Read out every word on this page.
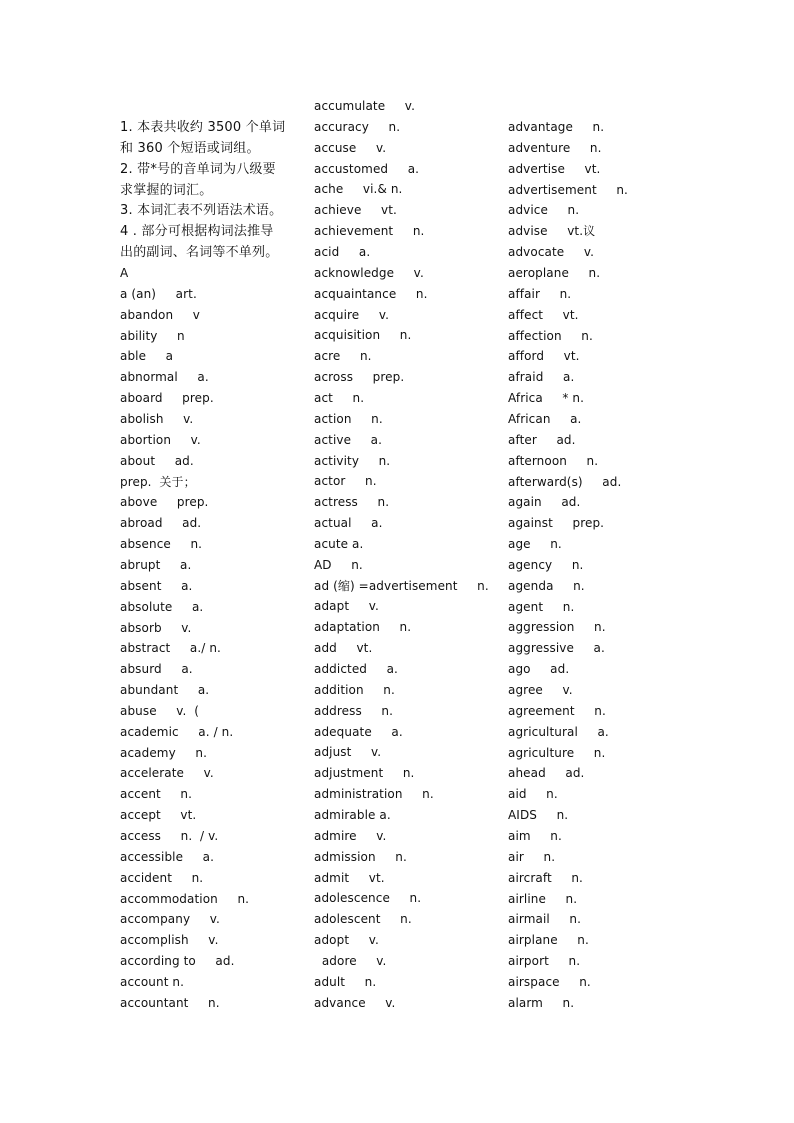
1. 本表共收约 3500 个单词
和 360 个短语或词组。
2. 带*号的音单词为八级要
求掌握的词汇。
3. 本词汇表不列语法术语。
4 . 部分可根据构词法推导
出的副词、名词等不单列。
A
a (an)     art.
abandon     v
ability     n
able     a
abnormal     a.
aboard     prep.
abolish     v.
abortion     v.
about     ad.
prep.  关于；
above     prep.
abroad     ad.
absence     n.
abrupt     a.
absent     a.
absolute     a.
absorb     v.
abstract     a./ n.
absurd     a.
abundant     a.
abuse     v.  (
academic     a. / n.
academy     n.
accelerate     v.
accent     n.
accept     vt.
access     n.  / v.
accessible     a.
accident     n.
accommodation     n.
accompany     v.
accomplish     v.
according to     ad.
account n.
accountant     n.
accumulate     v.
accuracy     n.
accuse     v.
accustomed     a.
ache     vi.& n.
achieve     vt.
achievement     n.
acid     a.
acknowledge     v.
acquaintance     n.
acquire     v.
acquisition     n.
acre     n.
across     prep.
act     n.
action     n.
active     a.
activity     n.
actor     n.
actress     n.
actual     a.
acute a.
AD     n.
ad (缩) =advertisement     n.
adapt     v.
adaptation     n.
add     vt.
addicted     a.
addition     n.
address     n.
adequate     a.
adjust     v.
adjustment     n.
administration     n.
admirable a.
admire     v.
admission     n.
admit     vt.
adolescence     n.
adolescent     n.
adopt     v.
adore     v.
adult     n.
advance     v.
advantage     n.
adventure     n.
advertise     vt.
advertisement     n.
advice     n.
advise     vt.议
advocate     v.
aeroplane     n.
affair     n.
affect     vt.
affection     n.
afford     vt.
afraid     a.
Africa     * n.
African     a.
after     ad.
afternoon     n.
afterward(s)     ad.
again     ad.
against     prep.
age     n.
agency     n.
agenda     n.
agent     n.
aggression     n.
aggressive     a.
ago     ad.
agree     v.
agreement     n.
agricultural     a.
agriculture     n.
ahead     ad.
aid     n.
AIDS     n.
aim     n.
air     n.
aircraft     n.
airline     n.
airmail     n.
airplane     n.
airport     n.
airspace     n.
alarm     n.
